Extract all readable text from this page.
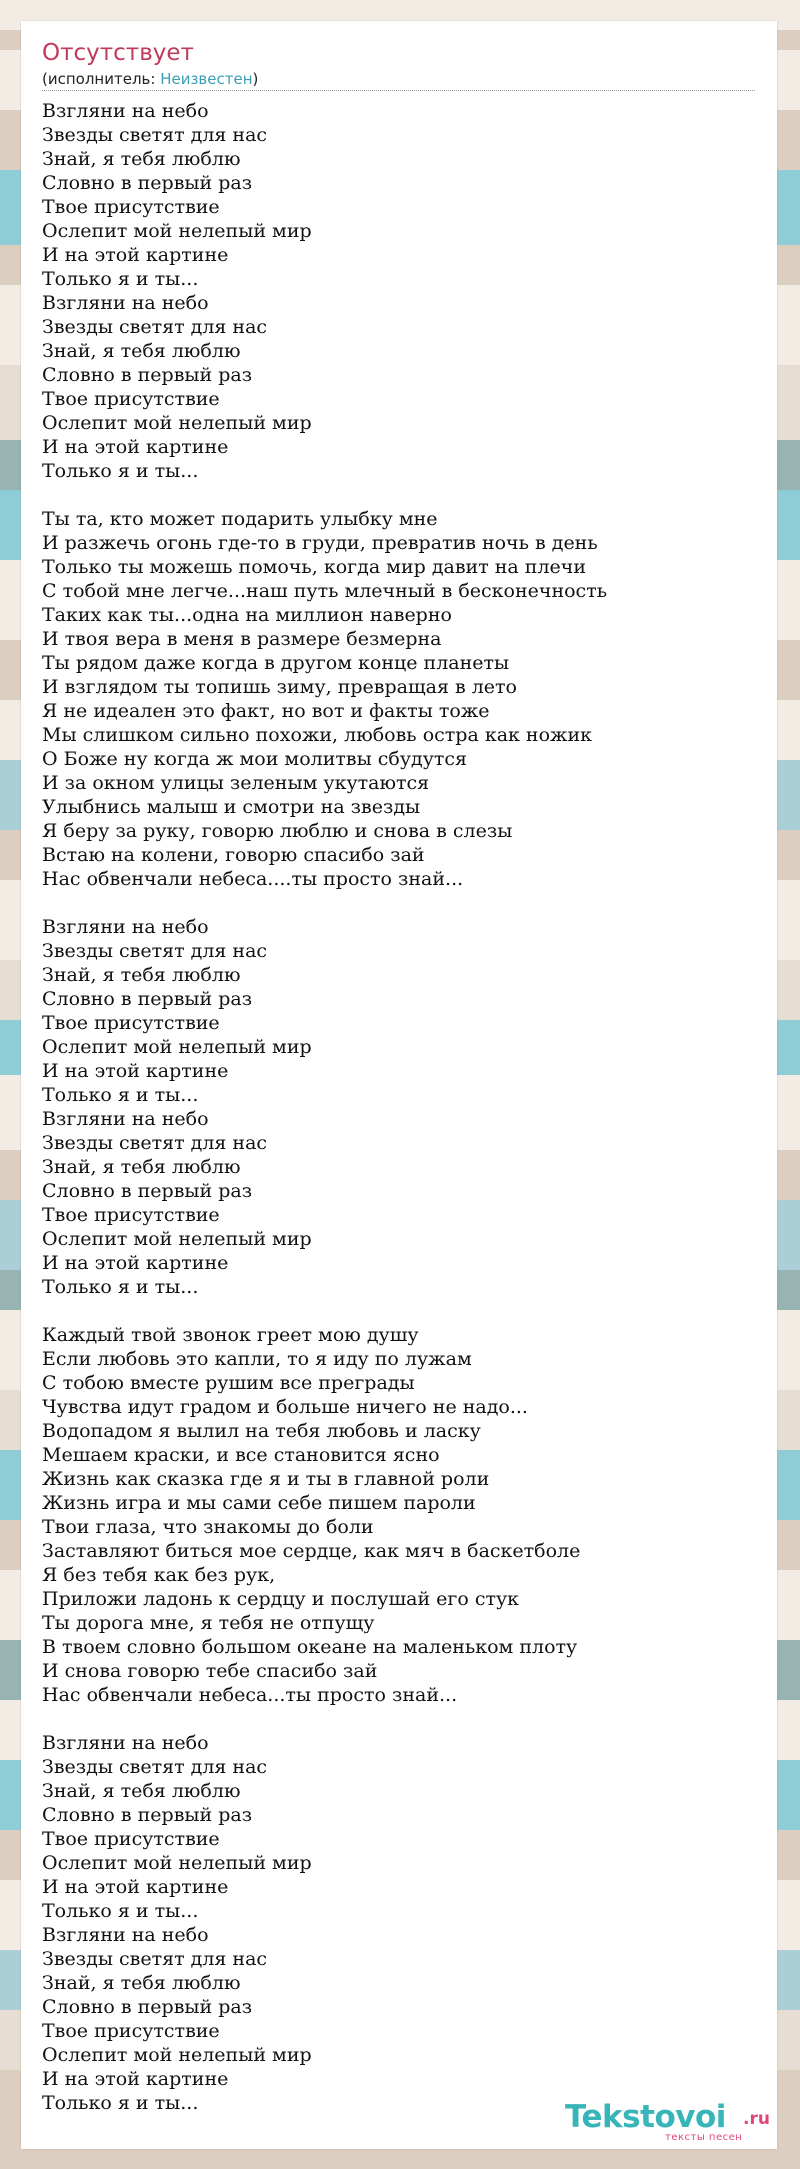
Отсутствует
(исполнитель: Неизвестен)
Взгляни на небо
Звезды светят для нас
Знай, я тебя люблю
Словно в первый раз
Твое присутствие
Ослепит мой нелепый мир
И на этой картине
Только я и ты...
Взгляни на небо
Звезды светят для нас
Знай, я тебя люблю
Словно в первый раз
Твое присутствие
Ослепит мой нелепый мир
И на этой картине
Только я и ты...
Ты та, кто может подарить улыбку мне
И разжечь огонь где-то в груди, превратив ночь в день
Только ты можешь помочь, когда мир давит на плечи
С тобой мне легче...наш путь млечный в бесконечность
Таких как ты...одна на миллион наверно
И твоя вера в меня в размере безмерна
Ты рядом даже когда в другом конце планеты
И взглядом ты топишь зиму, превращая в лето
Я не идеален это факт, но вот и факты тоже
Мы слишком сильно похожи, любовь остра как ножик
О Боже ну когда ж мои молитвы сбудутся
И за окном улицы зеленым укутаются
Улыбнись малыш и смотри на звезды
Я беру за руку, говорю люблю и снова в слезы
Встаю на колени, говорю спасибо зай
Нас обвенчали небеса....ты просто знай...
Взгляни на небо
Звезды светят для нас
Знай, я тебя люблю
Словно в первый раз
Твое присутствие
Ослепит мой нелепый мир
И на этой картине
Только я и ты...
Взгляни на небо
Звезды светят для нас
Знай, я тебя люблю
Словно в первый раз
Твое присутствие
Ослепит мой нелепый мир
И на этой картине
Только я и ты...
Каждый твой звонок греет мою душу
Если любовь это капли, то я иду по лужам
С тобою вместе рушим все преграды
Чувства идут градом и больше ничего не надо...
Водопадом я вылил на тебя любовь и ласку
Мешаем краски, и все становится ясно
Жизнь как сказка где я и ты в главной роли
Жизнь игра и мы сами себе пишем пароли
Твои глаза, что знакомы до боли
Заставляют биться мое сердце, как мяч в баскетболе
Я без тебя как без рук,
Приложи ладонь к сердцу и послушай его стук
Ты дорога мне, я тебя не отпущу
В твоем словно большом океане на маленьком плоту
И снова говорю тебе спасибо зай
Нас обвенчали небеса...ты просто знай...
Взгляни на небо
Звезды светят для нас
Знай, я тебя люблю
Словно в первый раз
Твое присутствие
Ослепит мой нелепый мир
И на этой картине
Только я и ты...
Взгляни на небо
Звезды светят для нас
Знай, я тебя люблю
Словно в первый раз
Твое присутствие
Ослепит мой нелепый мир
И на этой картине
Только я и ты...	Tekstovoi .ru
тексты песен
